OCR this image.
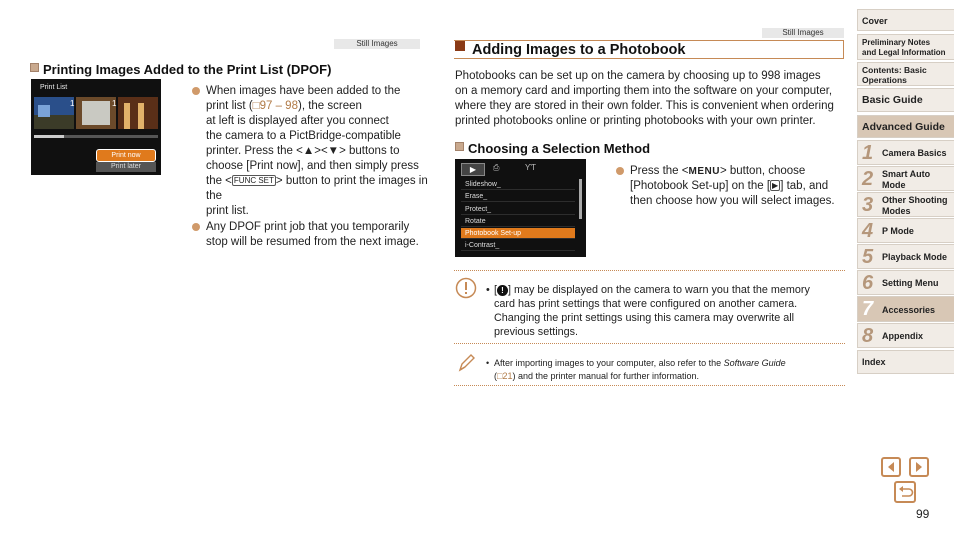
Still Images
Printing Images Added to the Print List (DPOF)
Print List
1	1
Print now
Print later
When images have been added to the
print list (□97 – 98), the screen
at left is displayed after you connect
the camera to a PictBridge-compatible
printer. Press the <▲><▼> buttons to
choose [Print now], and then simply press
the < FUNC SET > button to print the images in the
print list.
Any DPOF print job that you temporarily
stop will be resumed from the next image.
Still Images
Adding Images to a Photobook
Photobooks can be set up on the camera by choosing up to 998 images
on a memory card and importing them into the software on your computer,
where they are stored in their own folder. This is convenient when ordering
printed photobooks online or printing photobooks with your own printer.
Choosing a Selection Method
▶	⎙	ƳƬ
Slideshow_
Erase_
Protect_
Rotate
Photobook Set-up
i-Contrast_
Press the <MENU> button, choose
[Photobook Set-up] on the [ ▶ ] tab, and
then choose how you will select images.
• [ ! ] may be displayed on the camera to warn you that the memory
card has print settings that were configured on another camera.
Changing the print settings using this camera may overwrite all
previous settings.
• After importing images to your computer, also refer to the Software Guide
(□21) and the printer manual for further information.
Cover
Preliminary Notes
and Legal Information
Contents: Basic
Operations
Basic Guide
Advanced Guide
1 Camera Basics
2 Smart Auto
Mode
3 Other Shooting
Modes
4 P Mode
5 Playback Mode
6 Setting Menu
7 Accessories
8 Appendix
Index
99
